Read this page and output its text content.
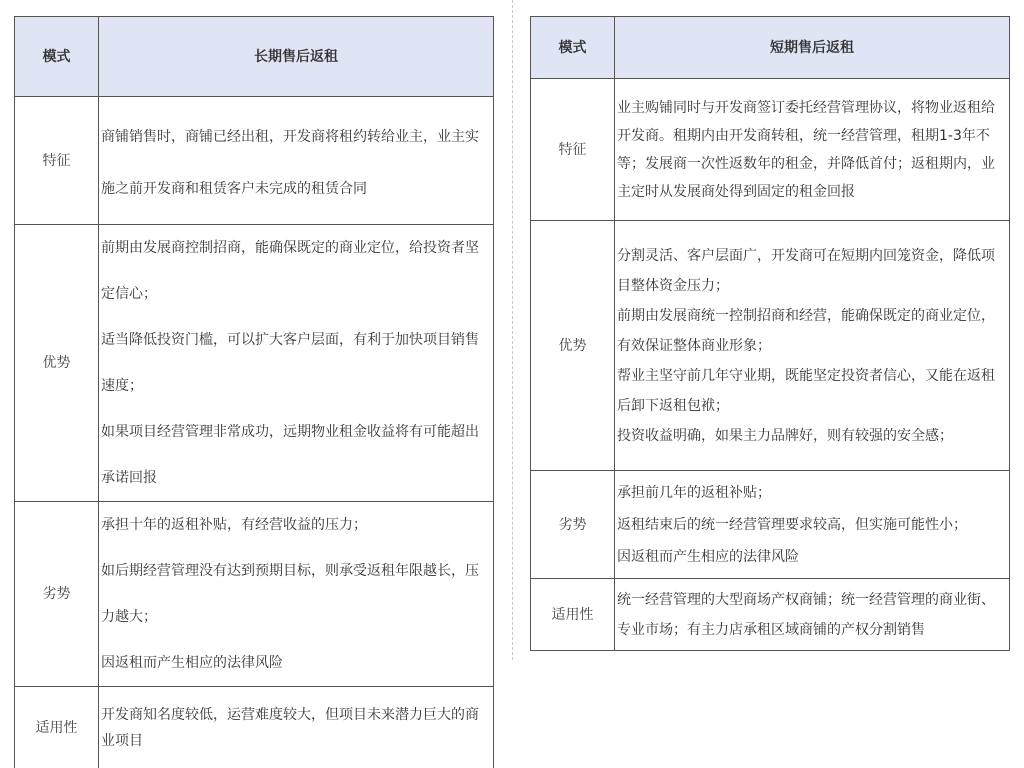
模式	长期售后返租
特征	商铺销售时，商铺已经出租，开发商将租约转给业主，业主实施之前开发商和租赁客户未完成的租赁合同

优势	前期由发展商控制招商，能确保既定的商业定位，给投资者坚定信心；

适当降低投资门槛，可以扩大客户层面，有利于加快项目销售速度；

如果项目经营管理非常成功，远期物业租金收益将有可能超出承诺回报

劣势	承担十年的返租补贴，有经营收益的压力；

如后期经营管理没有达到预期目标，则承受返租年限越长，压力越大；

因返租而产生相应的法律风险

适用性	开发商知名度较低，运营难度较大，但项目未来潜力巨大的商业项目

模式	短期售后返租
特征	业主购铺同时与开发商签订委托经营管理协议，将物业返租给开发商。租期内由开发商转租，统一经营管理，租期1-3年不等；发展商一次性返数年的租金，并降低首付；返租期内，业主定时从发展商处得到固定的租金回报

优势	分割灵活、客户层面广，开发商可在短期内回笼资金，降低项目整体资金压力；

前期由发展商统一控制招商和经营，能确保既定的商业定位，有效保证整体商业形象；

帮业主坚守前几年守业期，既能坚定投资者信心，又能在返租后卸下返租包袱；

投资收益明确，如果主力品牌好，则有较强的安全感；

劣势	承担前几年的返租补贴；

返租结束后的统一经营管理要求较高，但实施可能性小；

因返租而产生相应的法律风险

适用性	统一经营管理的大型商场产权商铺；统一经营管理的商业街、专业市场；有主力店承租区域商铺的产权分割销售
